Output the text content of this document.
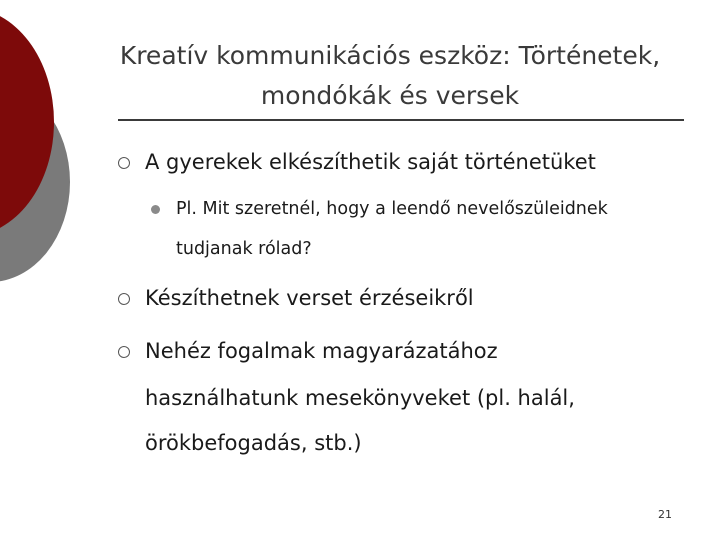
Kreatív kommunikációs eszköz: Történetek,
mondókák és versek
A gyerekek elkészíthetik saját történetüket
Pl. Mit szeretnél, hogy a leendő nevelőszüleidnek
tudjanak rólad?
Készíthetnek verset érzéseikről
Nehéz fogalmak magyarázatához
használhatunk mesekönyveket (pl. halál,
örökbefogadás, stb.)
21
